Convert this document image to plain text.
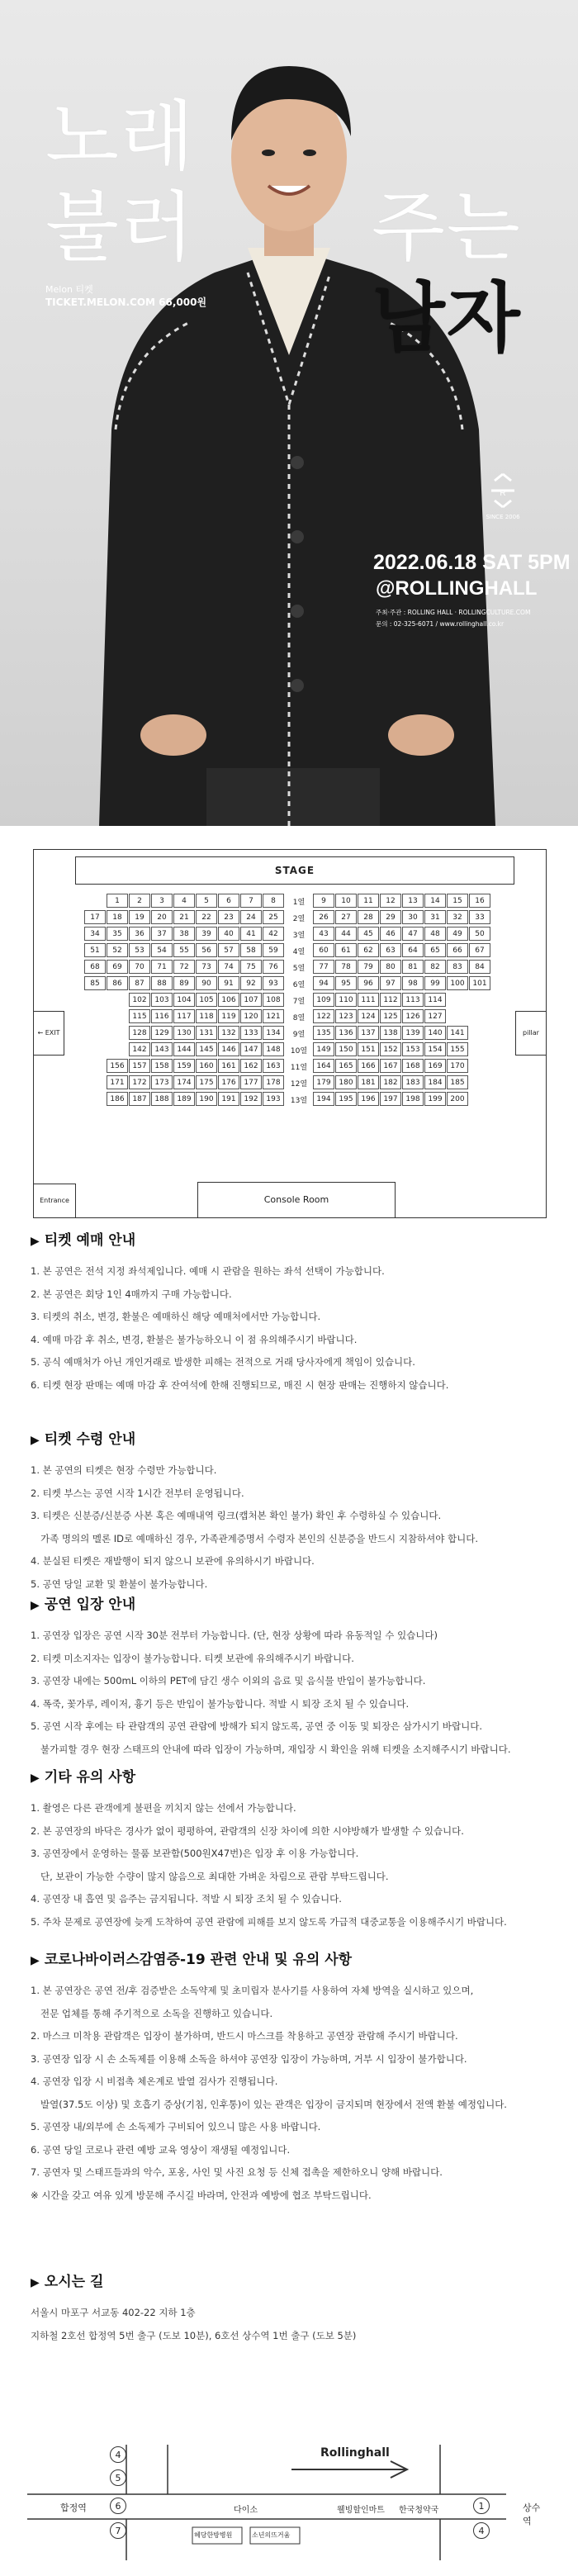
노래
불러 주는
남자
Melon 티켓
TICKET.MELON.COM 66,000원
R
SINCE 2006
2022.06.18 SAT 5PM
@ROLLINGHALL
주최·주관 : ROLLING HALL · ROLLINGCULTURE.COM
문의 : 02-325-6071 / www.rollinghall.co.kr
STAGE
1	2	3	4	5	6	7	8	1열	9	10	11	12	13	14	15	16
17	18	19	20	21	22	23	24	25	2열	26	27	28	29	30	31	32	33
34	35	36	37	38	39	40	41	42	3열	43	44	45	46	47	48	49	50
51	52	53	54	55	56	57	58	59	4열	60	61	62	63	64	65	66	67
68	69	70	71	72	73	74	75	76	5열	77	78	79	80	81	82	83	84
85	86	87	88	89	90	91	92	93	6열	94	95	96	97	98	99	100	101
102	103	104	105	106	107	108	7열	109	110	111	112	113	114
115	116	117	118	119	120	121	8열	122	123	124	125	126	127
128	129	130	131	132	133	134	9열	135	136	137	138	139	140	141
142	143	144	145	146	147	148	10열	149	150	151	152	153	154	155
156	157	158	159	160	161	162	163	11열	164	165	166	167	168	169	170
171	172	173	174	175	176	177	178	12열	179	180	181	182	183	184	185
186	187	188	189	190	191	192	193	13열	194	195	196	197	198	199	200
← EXIT	pillar
Entrance	Console Room
▶ 티켓 예매 안내
1. 본 공연은 전석 지정 좌석제입니다. 예매 시 관람을 원하는 좌석 선택이 가능합니다.
2. 본 공연은 회당 1인 4매까지 구매 가능합니다.
3. 티켓의 취소, 변경, 환불은 예매하신 해당 예매처에서만 가능합니다.
4. 예매 마감 후 취소, 변경, 환불은 불가능하오니 이 점 유의해주시기 바랍니다.
5. 공식 예매처가 아닌 개인거래로 발생한 피해는 전적으로 거래 당사자에게 책임이 있습니다.
6. 티켓 현장 판매는 예매 마감 후 잔여석에 한해 진행되므로, 매진 시 현장 판매는 진행하지 않습니다.
▶ 티켓 수령 안내
1. 본 공연의 티켓은 현장 수령만 가능합니다.
2. 티켓 부스는 공연 시작 1시간 전부터 운영됩니다.
3. 티켓은 신분증/신분증 사본 혹은 예매내역 링크(캡처본 확인 불가) 확인 후 수령하실 수 있습니다.
가족 명의의 멜론 ID로 예매하신 경우, 가족관계증명서 수령자 본인의 신분증을 반드시 지참하셔야 합니다.
4. 분실된 티켓은 재발행이 되지 않으니 보관에 유의하시기 바랍니다.
5. 공연 당일 교환 및 환불이 불가능합니다.
▶ 공연 입장 안내
1. 공연장 입장은 공연 시작 30분 전부터 가능합니다. (단, 현장 상황에 따라 유동적일 수 있습니다)
2. 티켓 미소지자는 입장이 불가능합니다. 티켓 보관에 유의해주시기 바랍니다.
3. 공연장 내에는 500mL 이하의 PET에 담긴 생수 이외의 음료 및 음식물 반입이 불가능합니다.
4. 폭죽, 꽃가루, 레이저, 흉기 등은 반입이 불가능합니다. 적발 시 퇴장 조치 될 수 있습니다.
5. 공연 시작 후에는 타 관람객의 공연 관람에 방해가 되지 않도록, 공연 중 이동 및 퇴장은 삼가시기 바랍니다.
불가피할 경우 현장 스태프의 안내에 따라 입장이 가능하며, 재입장 시 확인을 위해 티켓을 소지해주시기 바랍니다.
▶ 기타 유의 사항
1. 촬영은 다른 관객에게 불편을 끼치지 않는 선에서 가능합니다.
2. 본 공연장의 바닥은 경사가 없이 평평하여, 관람객의 신장 차이에 의한 시야방해가 발생할 수 있습니다.
3. 공연장에서 운영하는 물품 보관함(500원X47번)은 입장 후 이용 가능합니다.
단, 보관이 가능한 수량이 많지 않음으로 최대한 가벼운 차림으로 관람 부탁드립니다.
4. 공연장 내 흡연 및 음주는 금지됩니다. 적발 시 퇴장 조치 될 수 있습니다.
5. 주차 문제로 공연장에 늦게 도착하여 공연 관람에 피해를 보지 않도록 가급적 대중교통을 이용해주시기 바랍니다.
▶ 코로나바이러스감염증-19 관련 안내 및 유의 사항
1. 본 공연장은 공연 전/후 검증받은 소독약제 및 초미립자 분사기를 사용하여 자체 방역을 실시하고 있으며,
전문 업체를 통해 주기적으로 소독을 진행하고 있습니다.
2. 마스크 미착용 관람객은 입장이 불가하며, 반드시 마스크를 착용하고 공연장 관람해 주시기 바랍니다.
3. 공연장 입장 시 손 소독제를 이용해 소독을 하셔야 공연장 입장이 가능하며, 거부 시 입장이 불가합니다.
4. 공연장 입장 시 비접촉 체온계로 발열 검사가 진행됩니다.
발열(37.5도 이상) 및 호흡기 증상(기침, 인후통)이 있는 관객은 입장이 금지되며 현장에서 전액 환불 예정입니다.
5. 공연장 내/외부에 손 소독제가 구비되어 있으니 많은 사용 바랍니다.
6. 공연 당일 코로나 관련 예방 교육 영상이 재생될 예정입니다.
7. 공연자 및 스태프들과의 악수, 포옹, 사인 및 사진 요청 등 신체 접촉을 제한하오니 양해 바랍니다.
※ 시간을 갖고 여유 있게 방문해 주시길 바라며, 안전과 예방에 협조 부탁드립니다.
▶ 오시는 길
서울시 마포구 서교동 402-22 지하 1층
지하철 2호선 합정역 5번 출구 (도보 10분), 6호선 상수역 1번 출구 (도보 5분)
합정역	상수역
Rollinghall
다이소	웰빙할인마트 한국청약국
혜당한방병원	소년의뜨거움
4
5
6
7
1
4
